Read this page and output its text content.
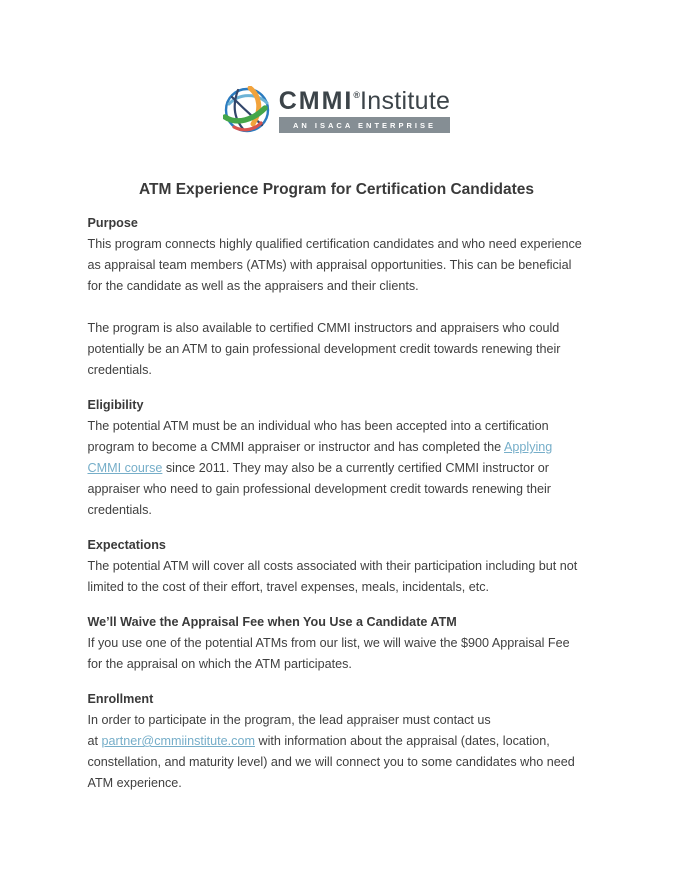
CMMI ® Institute
AN ISACA ENTERPRISE
ATM Experience Program for Certification Candidates
Purpose

This program connects highly qualified certification candidates and who need experience as appraisal team members (ATMs) with appraisal opportunities. This can be beneficial for the candidate as well as the appraisers and their clients.

The program is also available to certified CMMI instructors and appraisers who could potentially be an ATM to gain professional development credit towards renewing their credentials.

Eligibility

The potential ATM must be an individual who has been accepted into a certification program to become a CMMI appraiser or instructor and has completed the Applying CMMI course since 2011. They may also be a currently certified CMMI instructor or appraiser who need to gain professional development credit towards renewing their credentials.

Expectations

The potential ATM will cover all costs associated with their participation including but not limited to the cost of their effort, travel expenses, meals, incidentals, etc.

We’ll Waive the Appraisal Fee when You Use a Candidate ATM

If you use one of the potential ATMs from our list, we will waive the $900 Appraisal Fee for the appraisal on which the ATM participates.

Enrollment

In order to participate in the program, the lead appraiser must contact us
at partner@cmmiinstitute.com with information about the appraisal (dates, location, constellation, and maturity level) and we will connect you to some candidates who need ATM experience.
